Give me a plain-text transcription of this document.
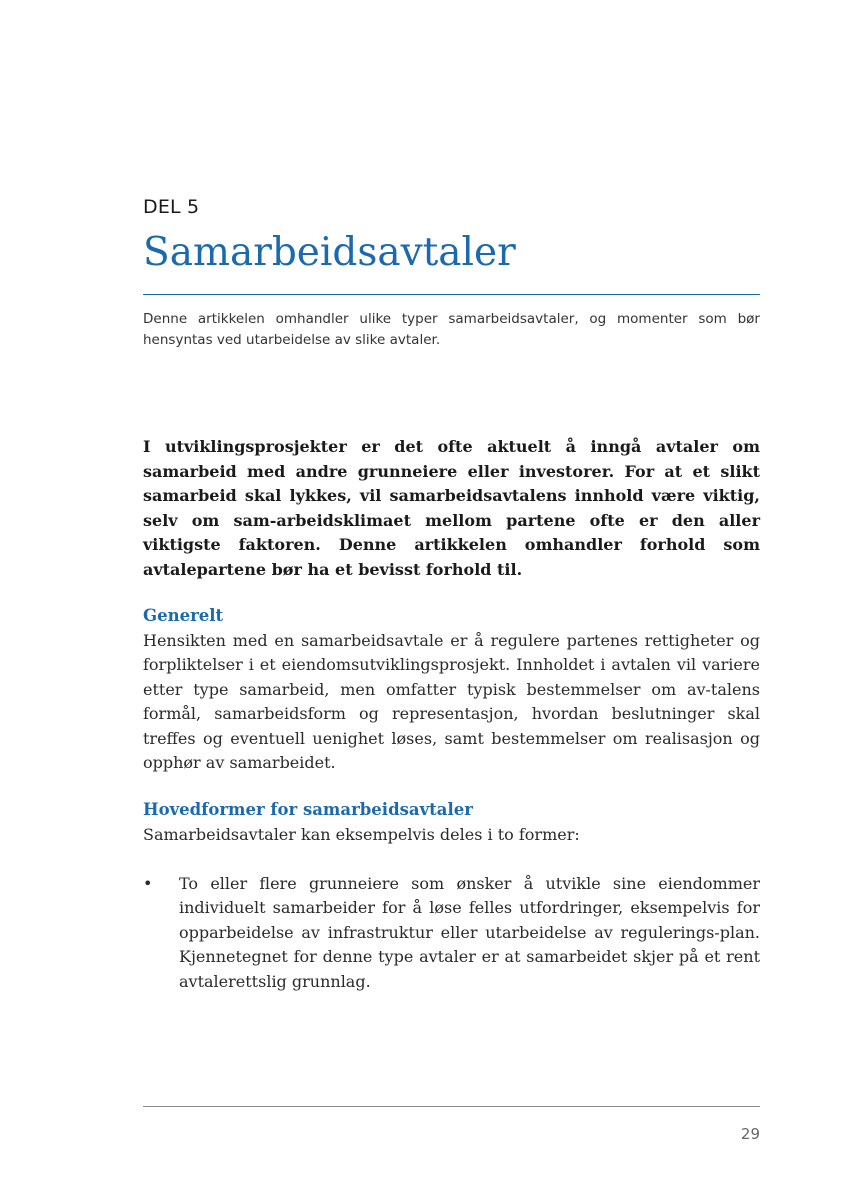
DEL 5
Samarbeidsavtaler

Denne artikkelen omhandler ulike typer samarbeidsavtaler, og momenter som bør hensyntas ved utarbeidelse av slike avtaler.

I utviklingsprosjekter er det ofte aktuelt å inngå avtaler om samarbeid med andre grunneiere eller investorer. For at et slikt samarbeid skal lykkes, vil samarbeidsavtalens innhold være viktig, selv om sam-arbeidsklimaet mellom partene ofte er den aller viktigste faktoren. Denne artikkelen omhandler forhold som avtalepartene bør ha et bevisst forhold til.

Generelt

Hensikten med en samarbeidsavtale er å regulere partenes rettigheter og forpliktelser i et eiendomsutviklingsprosjekt. Innholdet i avtalen vil variere etter type samarbeid, men omfatter typisk bestemmelser om av-talens formål, samarbeidsform og representasjon, hvordan beslutninger skal treffes og eventuell uenighet løses, samt bestemmelser om realisasjon og opphør av samarbeidet.

Hovedformer for samarbeidsavtaler

Samarbeidsavtaler kan eksempelvis deles i to former:

• To eller flere grunneiere som ønsker å utvikle sine eiendommer individuelt samarbeider for å løse felles utfordringer, eksempelvis for opparbeidelse av infrastruktur eller utarbeidelse av regulerings-plan. Kjennetegnet for denne type avtaler er at samarbeidet skjer på et rent avtalerettslig grunnlag.

29
